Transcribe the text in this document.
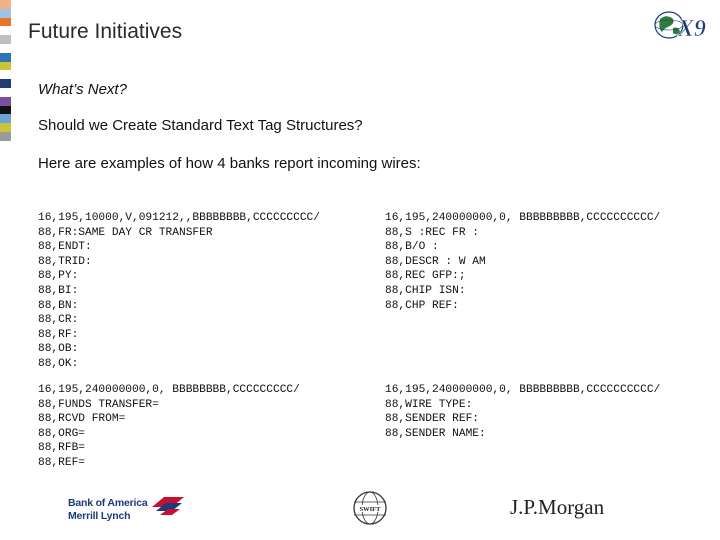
Future Initiatives	X9
What’s Next?
Should we Create Standard Text Tag Structures?
Here are examples of how 4 banks report incoming wires:
16,195,10000,V,091212,,BBBBBBBB,CCCCCCCCC/
88,FR:SAME DAY CR TRANSFER
88,ENDT:
88,TRID:
88,PY:
88,BI:
88,BN:
88,CR:
88,RF:
88,OB:
88,OK:
16,195,240000000,0, BBBBBBBBB,CCCCCCCCCC/
88,S :REC FR :
88,B/O :
88,DESCR : W AM
88,REC GFP:;
88,CHIP ISN:
88,CHP REF:
16,195,240000000,0, BBBBBBBB,CCCCCCCCC/
88,FUNDS TRANSFER=
88,RCVD FROM=
88,ORG=
88,RFB=
88,REF=
16,195,240000000,0, BBBBBBBBB,CCCCCCCCCC/
88,WIRE TYPE:
88,SENDER REF:
88,SENDER NAME:
Bank of America
Merrill Lynch
SWIFT	J.P.Morgan
